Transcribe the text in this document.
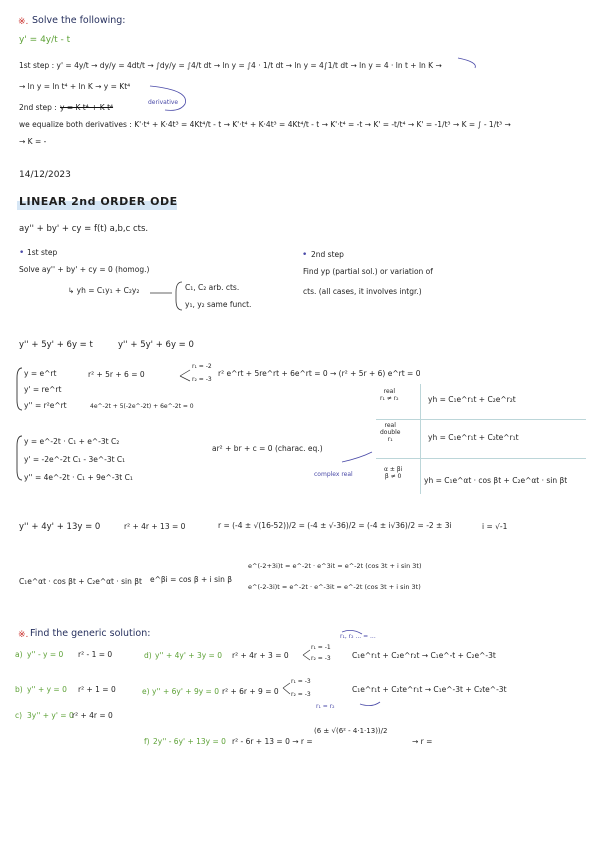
※. Solve the following:
y' = 4y/t - t
1st step : y' = 4y/t → dy/y = 4dt/t → ∫dy/y = ∫4/t dt → ln y = ∫4 · 1/t dt → ln y = 4∫1/t dt → ln y = 4 · ln t + ln K →
→ ln y = ln t⁴ + ln K → y = Kt⁴
2nd step : y = K t⁴ + K t⁴
derivative
we equalize both derivatives : K'·t⁴ + K·4t³ = 4Kt⁴/t - t → K'·t⁴ + K·4t³ = 4Kt⁴/t - t → K'·t⁴ = -t → K' = -t/t⁴ → K' = -1/t³ → K = ∫ - 1/t³ →
→ K = -
14/12/2023
LINEAR 2nd ORDER ODE
ay'' + by' + cy = f(t) a,b,c cts.
• 1st step
Solve ay'' + by' + cy = 0 (homog.)
↳ yh = C₁y₁ + C₂y₂	C₁, C₂ arb. cts.
y₁, y₂ same funct.
• 2nd step
Find yp (partial sol.) or variation of
cts. (all cases, it involves intgr.)
y'' + 5y' + 6y = t	y'' + 5y' + 6y = 0
y = e^rt
y' = re^rt
y'' = r²e^rt
r² + 5r + 6 = 0
r₁ = -2
r₂ = -3
r² e^rt + 5re^rt + 6e^rt = 0 → (r² + 5r + 6) e^rt = 0
4e^-2t + 5(-2e^-2t) + 6e^-2t = 0
y = e^-2t · C₁ + e^-3t C₂
y' = -2e^-2t C₁ - 3e^-3t C₁
y'' = 4e^-2t · C₁ + 9e^-3t C₁
ar² + br + c = 0 (charac. eq.)
complex real
real
r₁ ≠ r₂	yh = C₁e^r₁t + C₂e^r₂t
real
double
r₁	yh = C₁e^r₁t + C₂te^r₁t
α ± βi
β ≠ 0	yh = C₁e^αt · cos βt + C₂e^αt · sin βt
y'' + 4y' + 13y = 0	r² + 4r + 13 = 0	r = (-4 ± √(16-52))/2 = (-4 ± √-36)/2 = (-4 ± i√36)/2 = -2 ± 3i	i = √-1
C₁e^αt · cos βt + C₂e^αt · sin βt e^βi = cos β + i sin β
e^(-2+3i)t = e^-2t · e^3it = e^-2t (cos 3t + i sin 3t)
e^(-2-3i)t = e^-2t · e^-3it = e^-2t (cos 3t + i sin 3t)
※. Find the generic solution:
a) y'' - y = 0 r² - 1 = 0
b) y'' + y = 0 r² + 1 = 0
c) 3y'' + y' = 0
r² + 4r = 0
d) y'' + 4y' + 3y = 0 r² + 4r + 3 = 0
r₁ = -1
r₂ = -3
r₁, r₂ ... = ...
C₁e^r₁t + C₂e^r₂t → C₁e^-t + C₂e^-3t
e) y'' + 6y' + 9y = 0 r² + 6r + 9 = 0
r₁ = -3
r₂ = -3
r₁ = r₂
C₁e^r₁t + C₂te^r₁t → C₁e^-3t + C₂te^-3t
f) 2y'' - 6y' + 13y = 0 r² - 6r + 13 = 0 → r =
(6 ± √(6² - 4·1·13))/2
→ r =
